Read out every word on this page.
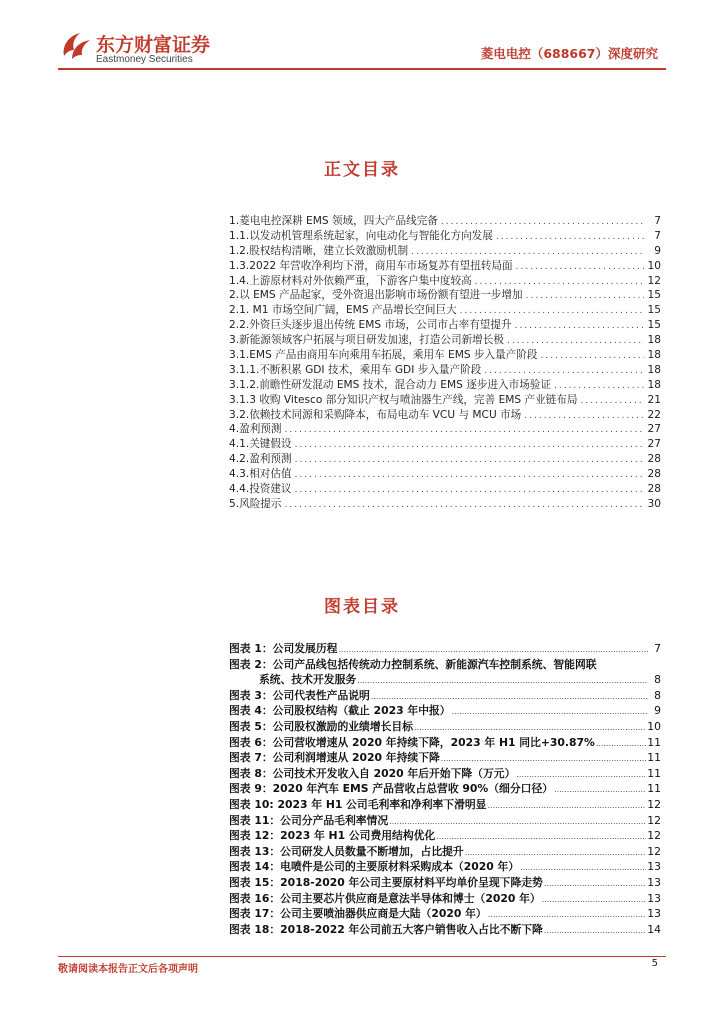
东方财富证券
Eastmoney Securities	菱电电控（688667）深度研究
正文目录
1.菱电电控深耕 EMS 领域，四大产品线完备 .....	7
1.1.以发动机管理系统起家，向电动化与智能化方向发展 .....	7
1.2.股权结构清晰，建立长效激励机制 .....	9
1.3.2022 年营收净利均下滑，商用车市场复苏有望扭转局面 .....	10
1.4.上游原材料对外依赖严重，下游客户集中度较高 .....	12
2.以 EMS 产品起家，受外资退出影响市场份额有望进一步增加 .....	15
2.1. M1 市场空间广阔，EMS 产品增长空间巨大 .....	15
2.2.外资巨头逐步退出传统 EMS 市场，公司市占率有望提升 .....	15
3.新能源领域客户拓展与项目研发加速，打造公司新增长极 .....	18
3.1.EMS 产品由商用车向乘用车拓展，乘用车 EMS 步入量产阶段 .....	18
3.1.1.不断积累 GDI 技术，乘用车 GDI 步入量产阶段 .....	18
3.1.2.前瞻性研发混动 EMS 技术，混合动力 EMS 逐步进入市场验证 .....	18
3.1.3 收购 Vitesco 部分知识产权与喷油器生产线，完善 EMS 产业链布局 .....	21
3.2.依赖技术同源和采购降本，布局电动车 VCU 与 MCU 市场 .....	22
4.盈利预测 .....	27
4.1.关键假设 .....	27
4.2.盈利预测 .....	28
4.3.相对估值 .....	28
4.4.投资建议 .....	28
5.风险提示 .....	30
图表目录
图表 1：公司发展历程 .....	7
图表 2：公司产品线包括传统动力控制系统、新能源汽车控制系统、智能网联
系统、技术开发服务 .....	8
图表 3：公司代表性产品说明 .....	8
图表 4：公司股权结构（截止 2023 年中报） .....	9
图表 5：公司股权激励的业绩增长目标 .....	10
图表 6：公司营收增速从 2020 年持续下降，2023 年 H1 同比+30.87% .....	11
图表 7：公司利润增速从 2020 年持续下降 .....	11
图表 8：公司技术开发收入自 2020 年后开始下降（万元） .....	11
图表 9：2020 年汽车 EMS 产品营收占总营收 90%（细分口径） .....	11
图表 10: 2023 年 H1 公司毛利率和净利率下滑明显 .....	12
图表 11：公司分产品毛利率情况 .....	12
图表 12：2023 年 H1 公司费用结构优化 .....	12
图表 13：公司研发人员数量不断增加，占比提升 .....	12
图表 14：电喷件是公司的主要原材料采购成本（2020 年） .....	13
图表 15：2018-2020 年公司主要原材料平均单价呈现下降走势 .....	13
图表 16：公司主要芯片供应商是意法半导体和博士（2020 年） .....	13
图表 17：公司主要喷油器供应商是大陆（2020 年） .....	13
图表 18：2018-2022 年公司前五大客户销售收入占比不断下降 .....	14
敬请阅读本报告正文后各项声明
5
